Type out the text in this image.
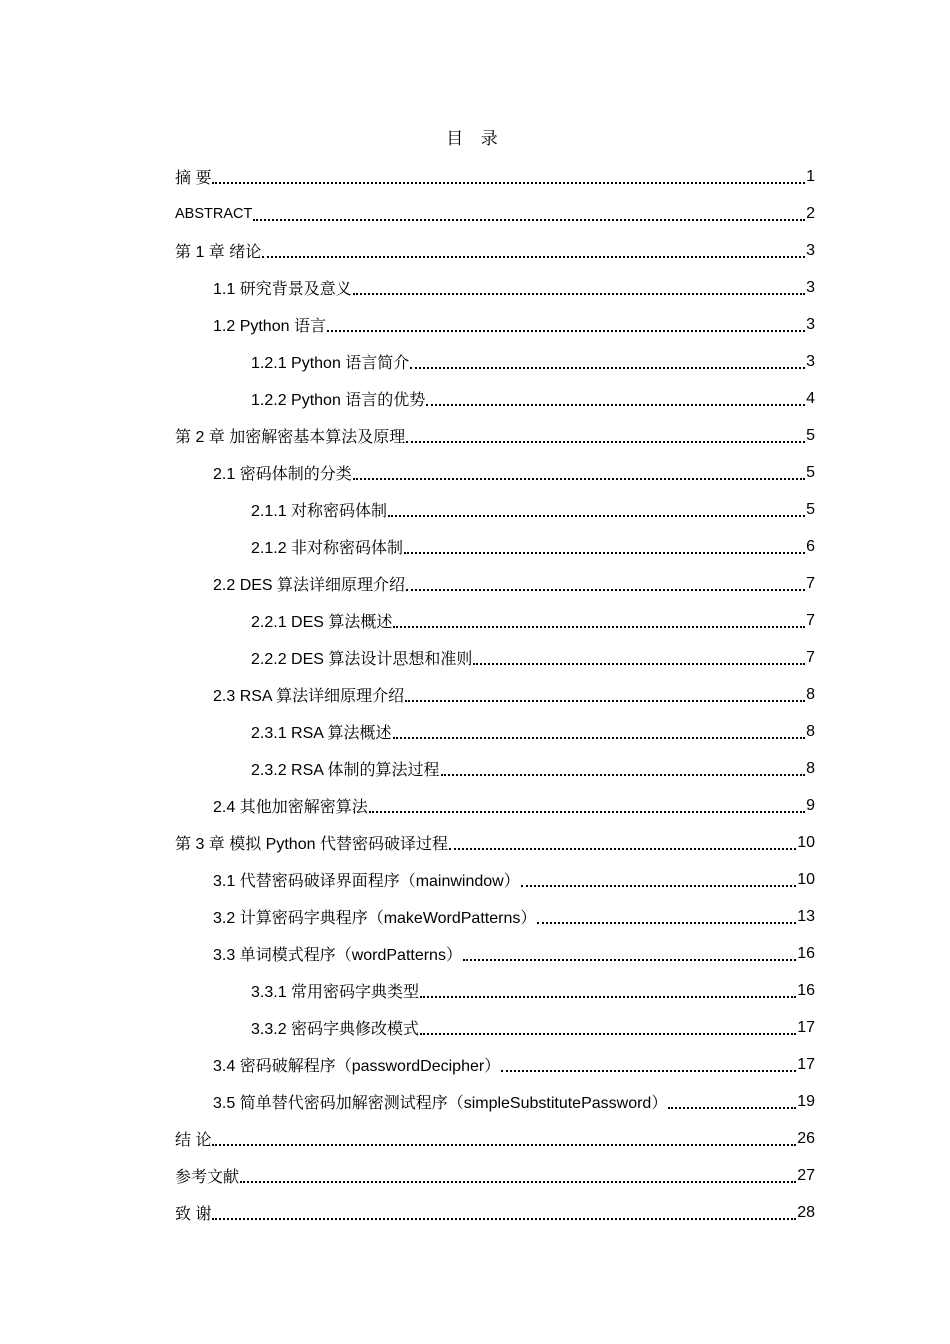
目 录
摘 要	1
ABSTRACT	2
第 1 章 绪论	3
1.1 研究背景及意义	3
1.2 Python 语言	3
1.2.1 Python 语言简介	3
1.2.2 Python 语言的优势	4
第 2 章 加密解密基本算法及原理	5
2.1 密码体制的分类	5
2.1.1 对称密码体制	5
2.1.2 非对称密码体制	6
2.2 DES 算法详细原理介绍	7
2.2.1 DES 算法概述	7
2.2.2 DES 算法设计思想和准则	7
2.3 RSA 算法详细原理介绍	8
2.3.1 RSA 算法概述	8
2.3.2 RSA 体制的算法过程	8
2.4 其他加密解密算法	9
第 3 章 模拟 Python 代替密码破译过程	10
3.1 代替密码破译界面程序（mainwindow）	10
3.2 计算密码字典程序（makeWordPatterns）	13
3.3 单词模式程序（wordPatterns）	16
3.3.1 常用密码字典类型	16
3.3.2 密码字典修改模式	17
3.4 密码破解程序（passwordDecipher）	17
3.5 简单替代密码加解密测试程序（simpleSubstitutePassword）	19
结 论	26
参考文献	27
致 谢	28
